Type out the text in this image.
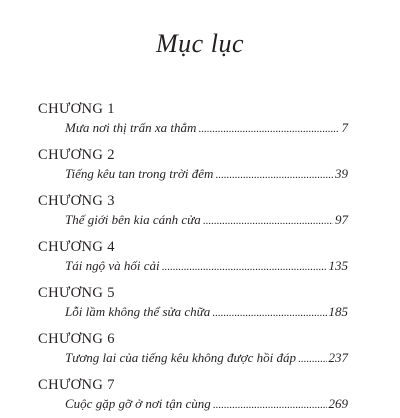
Mục lục
CHƯƠNG 1
Mưa nơi thị trấn xa thẳm .....	7
CHƯƠNG 2
Tiếng kêu tan trong trời đêm .....	39
CHƯƠNG 3
Thế giới bên kia cánh cửa .....	97
CHƯƠNG 4
Tái ngộ và hối cải .....	135
CHƯƠNG 5
Lỗi lầm không thể sửa chữa .....	185
CHƯƠNG 6
Tương lai của tiếng kêu không được hồi đáp .....	237
CHƯƠNG 7
Cuộc gặp gỡ ở nơi tận cùng .....	269
